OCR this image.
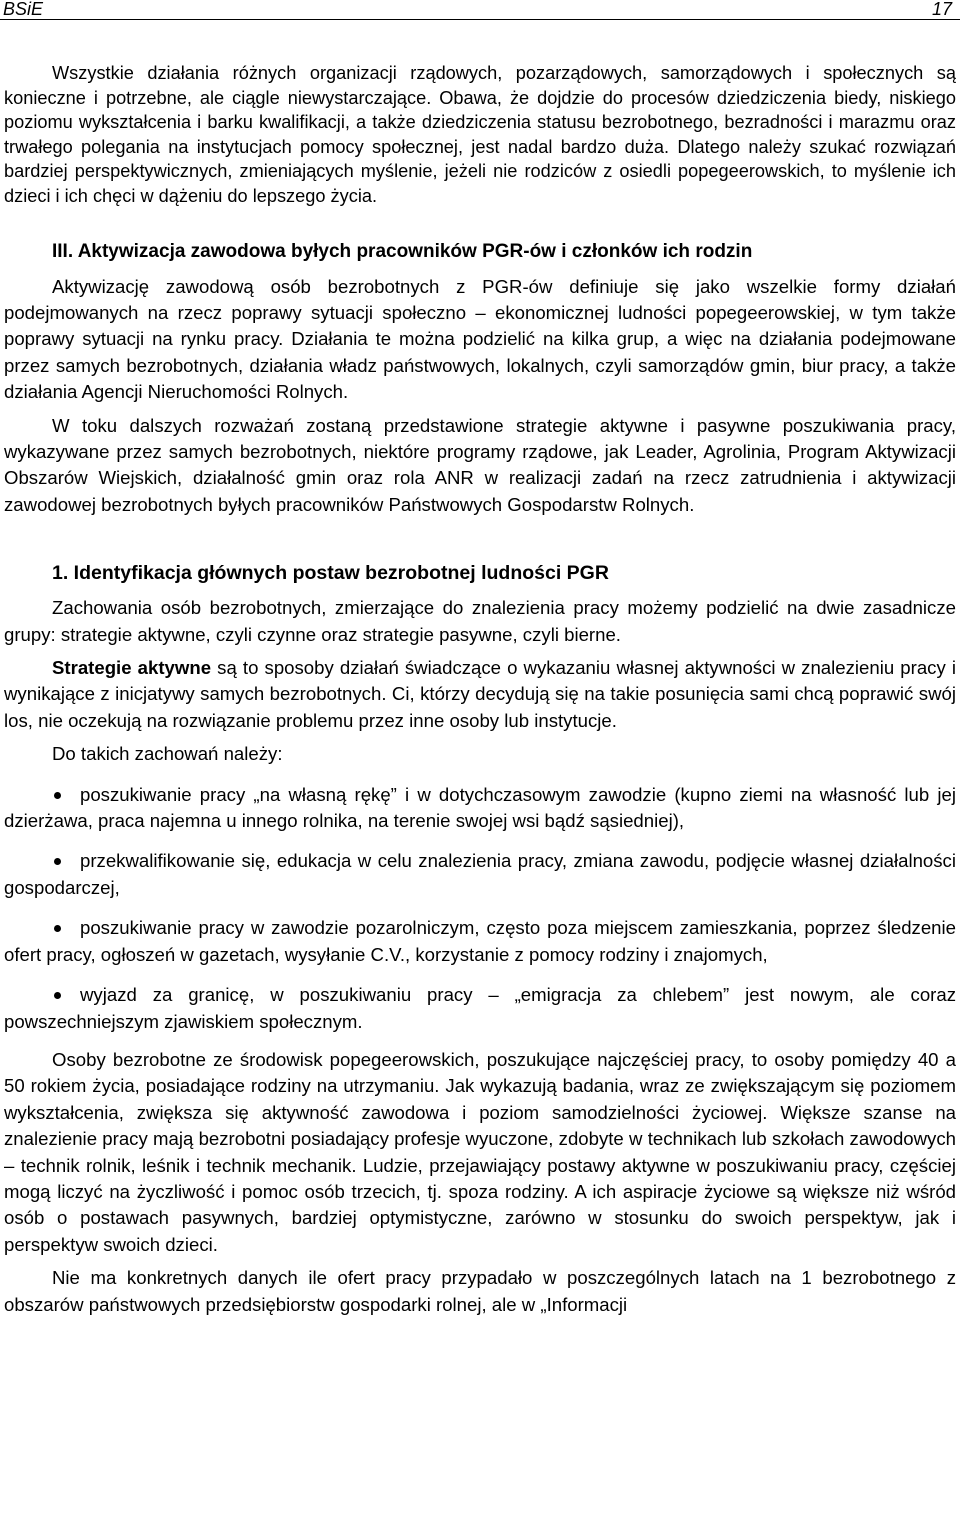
BSiE	17

Wszystkie działania różnych organizacji rządowych, pozarządowych, samorządowych i społecznych są konieczne i potrzebne, ale ciągle niewystarczające. Obawa, że dojdzie do procesów dziedziczenia biedy, niskiego poziomu wykształcenia i barku kwalifikacji, a także dziedziczenia statusu bezrobotnego, bezradności i marazmu oraz trwałego polegania na instytucjach pomocy społecznej, jest nadal bardzo duża. Dlatego należy szukać rozwiązań bardziej perspektywicznych, zmieniających myślenie, jeżeli nie rodziców z osiedli popegeerowskich, to myślenie ich dzieci i ich chęci w dążeniu do lepszego życia.

III. Aktywizacja zawodowa byłych pracowników PGR-ów i członków ich rodzin

Aktywizację zawodową osób bezrobotnych z PGR-ów definiuje się jako wszelkie formy działań podejmowanych na rzecz poprawy sytuacji społeczno – ekonomicznej ludności popegeerowskiej, w tym także poprawy sytuacji na rynku pracy. Działania te można podzielić na kilka grup, a więc na działania podejmowane przez samych bezrobotnych, działania władz państwowych, lokalnych, czyli samorządów gmin, biur pracy, a także działania Agencji Nieruchomości Rolnych.

W toku dalszych rozważań zostaną przedstawione strategie aktywne i pasywne poszukiwania pracy, wykazywane przez samych bezrobotnych, niektóre programy rządowe, jak Leader, Agrolinia, Program Aktywizacji Obszarów Wiejskich, działalność gmin oraz rola ANR w realizacji zadań na rzecz zatrudnienia i aktywizacji zawodowej bezrobotnych byłych pracowników Państwowych Gospodarstw Rolnych.

1. Identyfikacja głównych postaw bezrobotnej ludności PGR

Zachowania osób bezrobotnych, zmierzające do znalezienia pracy możemy podzielić na dwie zasadnicze grupy: strategie aktywne, czyli czynne oraz strategie pasywne, czyli bierne.

Strategie aktywne są to sposoby działań świadczące o wykazaniu własnej aktywności w znalezieniu pracy i wynikające z inicjatywy samych bezrobotnych. Ci, którzy decydują się na takie posunięcia sami chcą poprawić swój los, nie oczekują na rozwiązanie problemu przez inne osoby lub instytucje.

Do takich zachowań należy:

poszukiwanie pracy „na własną rękę” i w dotychczasowym zawodzie (kupno ziemi na własność lub jej dzierżawa, praca najemna u innego rolnika, na terenie swojej wsi bądź sąsiedniej),
przekwalifikowanie się, edukacja w celu znalezienia pracy, zmiana zawodu, podjęcie własnej działalności gospodarczej,
poszukiwanie pracy w zawodzie pozarolniczym, często poza miejscem zamieszkania, poprzez śledzenie ofert pracy, ogłoszeń w gazetach, wysyłanie C.V., korzystanie z pomocy rodziny i znajomych,
wyjazd za granicę, w poszukiwaniu pracy – „emigracja za chlebem” jest nowym, ale coraz powszechniejszym zjawiskiem społecznym.

Osoby bezrobotne ze środowisk popegeerowskich, poszukujące najczęściej pracy, to osoby pomiędzy 40 a 50 rokiem życia, posiadające rodziny na utrzymaniu. Jak wykazują badania, wraz ze zwiększającym się poziomem wykształcenia, zwiększa się aktywność zawodowa i poziom samodzielności życiowej. Większe szanse na znalezienie pracy mają bezrobotni posiadający profesje wyuczone, zdobyte w technikach lub szkołach zawodowych – technik rolnik, leśnik i technik mechanik. Ludzie, przejawiający postawy aktywne w poszukiwaniu pracy, częściej mogą liczyć na życzliwość i pomoc osób trzecich, tj. spoza rodziny. A ich aspiracje życiowe są większe niż wśród osób o postawach pasywnych, bardziej optymistyczne, zarówno w stosunku do swoich perspektyw, jak i perspektyw swoich dzieci.

Nie ma konkretnych danych ile ofert pracy przypadało w poszczególnych latach na 1 bezrobotnego z obszarów państwowych przedsiębiorstw gospodarki rolnej, ale w „Informacji
